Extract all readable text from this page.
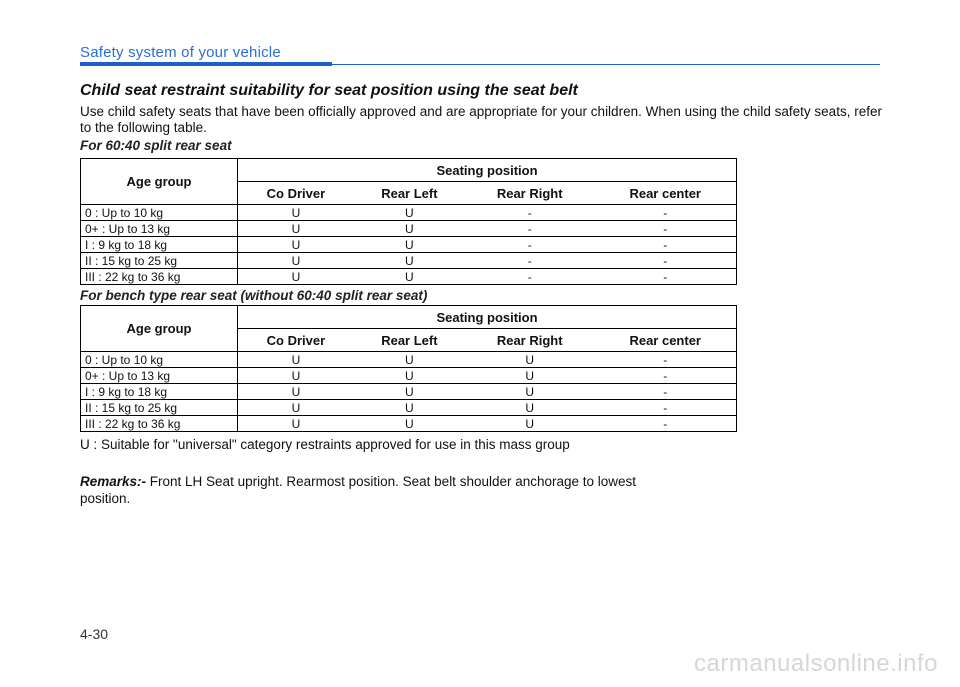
Safety system of your vehicle
Child seat restraint suitability for seat position using the seat belt
Use child safety seats that have been officially approved and are appropriate for your children. When using the child safety seats, refer to the following table.
For 60:40 split rear seat
Age group	Seating position			
	Co Driver	Rear Left	Rear Right	Rear center
0 : Up to 10 kg	U	U	-	-
0+ : Up to 13 kg	U	U	-	-
I : 9 kg to 18 kg	U	U	-	-
II : 15 kg to 25 kg	U	U	-	-
III : 22 kg to 36 kg	U	U	-	-
For bench type rear seat (without 60:40 split rear seat)
Age group	Seating position			
	Co Driver	Rear Left	Rear Right	Rear center
0 : Up to 10 kg	U	U	U	-
0+ : Up to 13 kg	U	U	U	-
I : 9 kg to 18 kg	U	U	U	-
II : 15 kg to 25 kg	U	U	U	-
III : 22 kg to 36 kg	U	U	U	-
U : Suitable for "universal" category restraints approved for use in this mass group
Remarks:- Front LH Seat upright. Rearmost position. Seat belt shoulder anchorage to lowest position.
4-30
carmanualsonline.info
